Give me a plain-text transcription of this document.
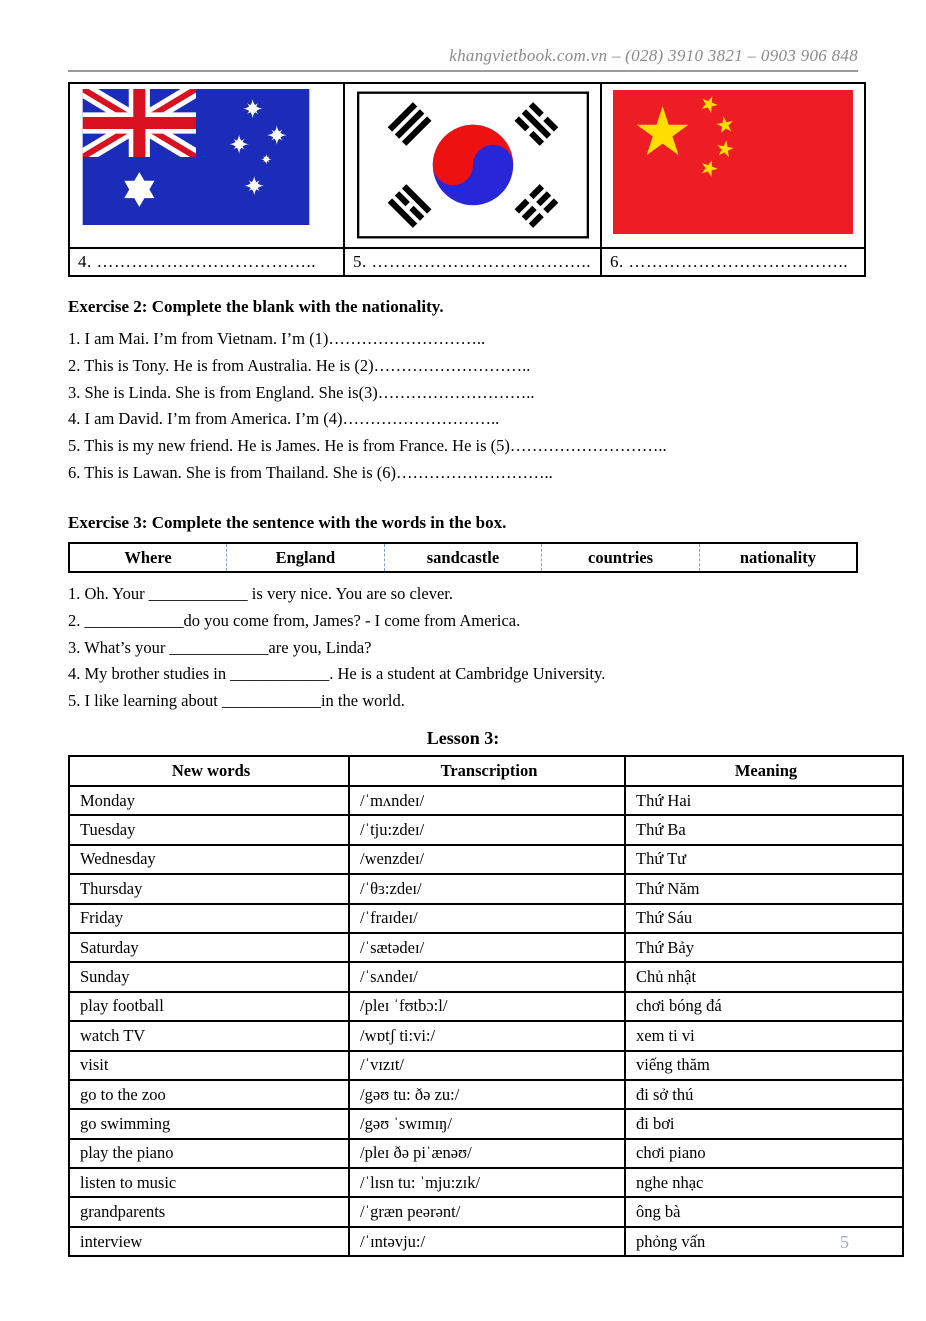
khangvietbook.com.vn – (028) 3910 3821 – 0903 906 848

4. ………………………………..	5. ………………………………..	6. ………………………………..

Exercise 2: Complete the blank with the nationality.

1. I am Mai. I’m from Vietnam. I’m (1)………………………..

2. This is Tony. He is from Australia. He is (2)………………………..

3. She is Linda. She is from England. She is(3)………………………..

4. I am David. I’m from America. I’m (4)………………………..

5. This is my new friend. He is James. He is from France. He is (5)………………………..

6. This is Lawan. She is from Thailand. She is (6)………………………..

Exercise 3: Complete the sentence with the words in the box.

Where	England	sandcastle	countries	nationality

1. Oh. Your ____________ is very nice. You are so clever.

2. ____________do you come from, James? - I come from America.

3. What’s your ____________are you, Linda?

4. My brother studies in ____________. He is a student at Cambridge University.

5. I like learning about ____________in the world.

Lesson 3:

New words	Transcription	Meaning
Monday	/ˈmʌndeɪ/	Thứ Hai
Tuesday	/ˈtju:zdeɪ/	Thứ Ba
Wednesday	/wenzdeɪ/	Thứ Tư
Thursday	/ˈθɜ:zdeɪ/	Thứ Năm
Friday	/ˈfraɪdeɪ/	Thứ Sáu
Saturday	/ˈsætədeɪ/	Thứ Bảy
Sunday	/ˈsʌndeɪ/	Chủ nhật
play football	/pleɪ ˈfʊtbɔ:l/	chơi bóng đá
watch TV	/wɒtʃ ti:vi:/	xem ti vi
visit	/ˈvɪzɪt/	viếng thăm
go to the zoo	/gəʊ tu: ðə zu:/	đi sở thú
go swimming	/gəʊ ˈswɪmɪŋ/	đi bơi
play the piano	/pleɪ ðə piˈænəʊ/	chơi piano
listen to music	/ˈlɪsn tu: ˈmju:zɪk/	nghe nhạc
grandparents	/ˈgræn peərənt/	ông bà
interview	/ˈɪntəvju:/	phỏng vấn	5
